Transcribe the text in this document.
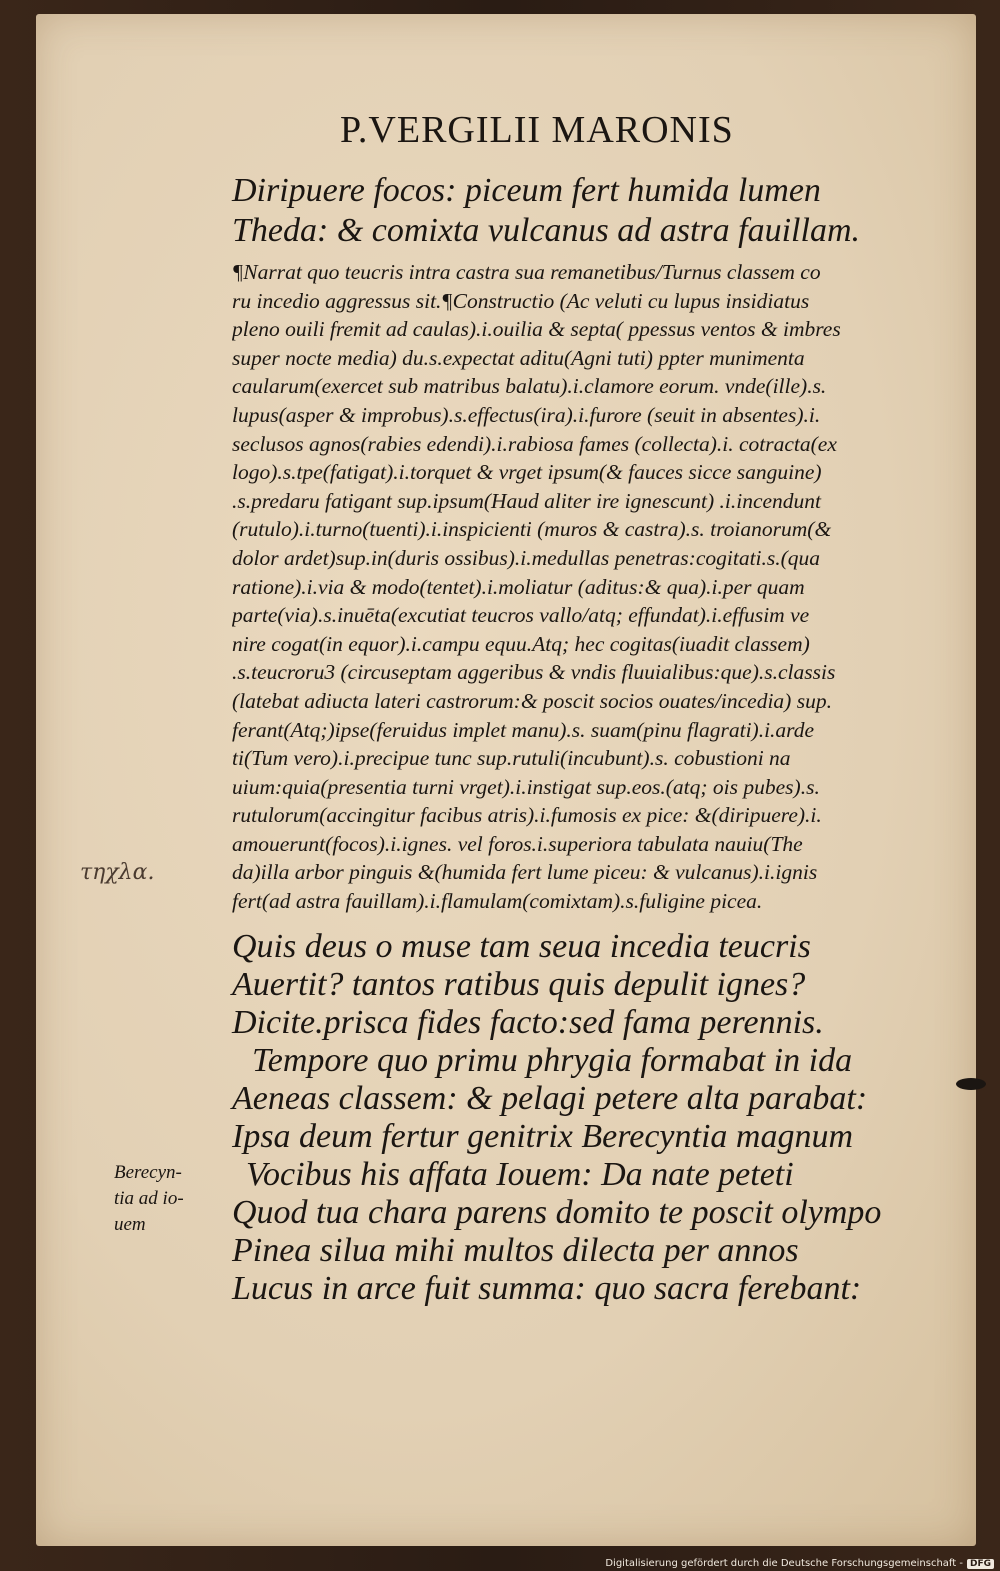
P.VERGILII MARONIS
Diripuere focos: piceum fert humida lumen
Theda: & comixta vulcanus ad astra fauillam.
¶Narrat quo teucris intra castra sua remanetibus/Turnus classem co
ru incedio aggressus sit.¶Constructio (Ac veluti cu lupus insidiatus
pleno ouili fremit ad caulas).i.ouilia & septa( ppessus ventos & imbres
super nocte media) du.s.expectat aditu(Agni tuti) ppter munimenta
caularum(exercet sub matribus balatu).i.clamore eorum. vnde(ille).s.
lupus(asper & improbus).s.effectus(ira).i.furore (seuit in absentes).i.
seclusos agnos(rabies edendi).i.rabiosa fames (collecta).i. cotracta(ex
logo).s.tpe(fatigat).i.torquet & vrget ipsum(& fauces sicce sanguine)
.s.predaru fatigant sup.ipsum(Haud aliter ire ignescunt) .i.incendunt
(rutulo).i.turno(tuenti).i.inspicienti (muros & castra).s. troianorum(&
dolor ardet)sup.in(duris ossibus).i.medullas penetras:cogitati.s.(qua
ratione).i.via & modo(tentet).i.moliatur (aditus:& qua).i.per quam
parte(via).s.inuēta(excutiat teucros vallo/atq; effundat).i.effusim ve
nire cogat(in equor).i.campu equu.Atq; hec cogitas(iuadit classem)
.s.teucroru3 (circuseptam aggeribus & vndis fluuialibus:que).s.classis
(latebat adiucta lateri castrorum:& poscit socios ouates/incedia) sup.
ferant(Atq;)ipse(feruidus implet manu).s. suam(pinu flagrati).i.arde
ti(Tum vero).i.precipue tunc sup.rutuli(incubunt).s. cobustioni na
uium:quia(presentia turni vrget).i.instigat sup.eos.(atq; ois pubes).s.
rutulorum(accingitur facibus atris).i.fumosis ex pice: &(diripuere).i.
amouerunt(focos).i.ignes. vel foros.i.superiora tabulata nauiu(The
da)illa arbor pinguis &(humida fert lume piceu: & vulcanus).i.ignis
fert(ad astra fauillam).i.flamulam(comixtam).s.fuligine picea.
τηχλα.
Quis deus o muse tam seua incedia teucris
Auertit? tantos ratibus quis depulit ignes?
Dicite.prisca fides facto:sed fama perennis.
Tempore quo primu phrygia formabat in ida
Aeneas classem: & pelagi petere alta parabat:
Ipsa deum fertur genitrix Berecyntia magnum
Vocibus his affata Iouem: Da nate peteti
Quod tua chara parens domito te poscit olympo
Pinea silua mihi multos dilecta per annos
Lucus in arce fuit summa: quo sacra ferebant:
Berecyn-
tia ad io-
uem
Digitalisierung gefördert durch die Deutsche Forschungsgemeinschaft - DFG
